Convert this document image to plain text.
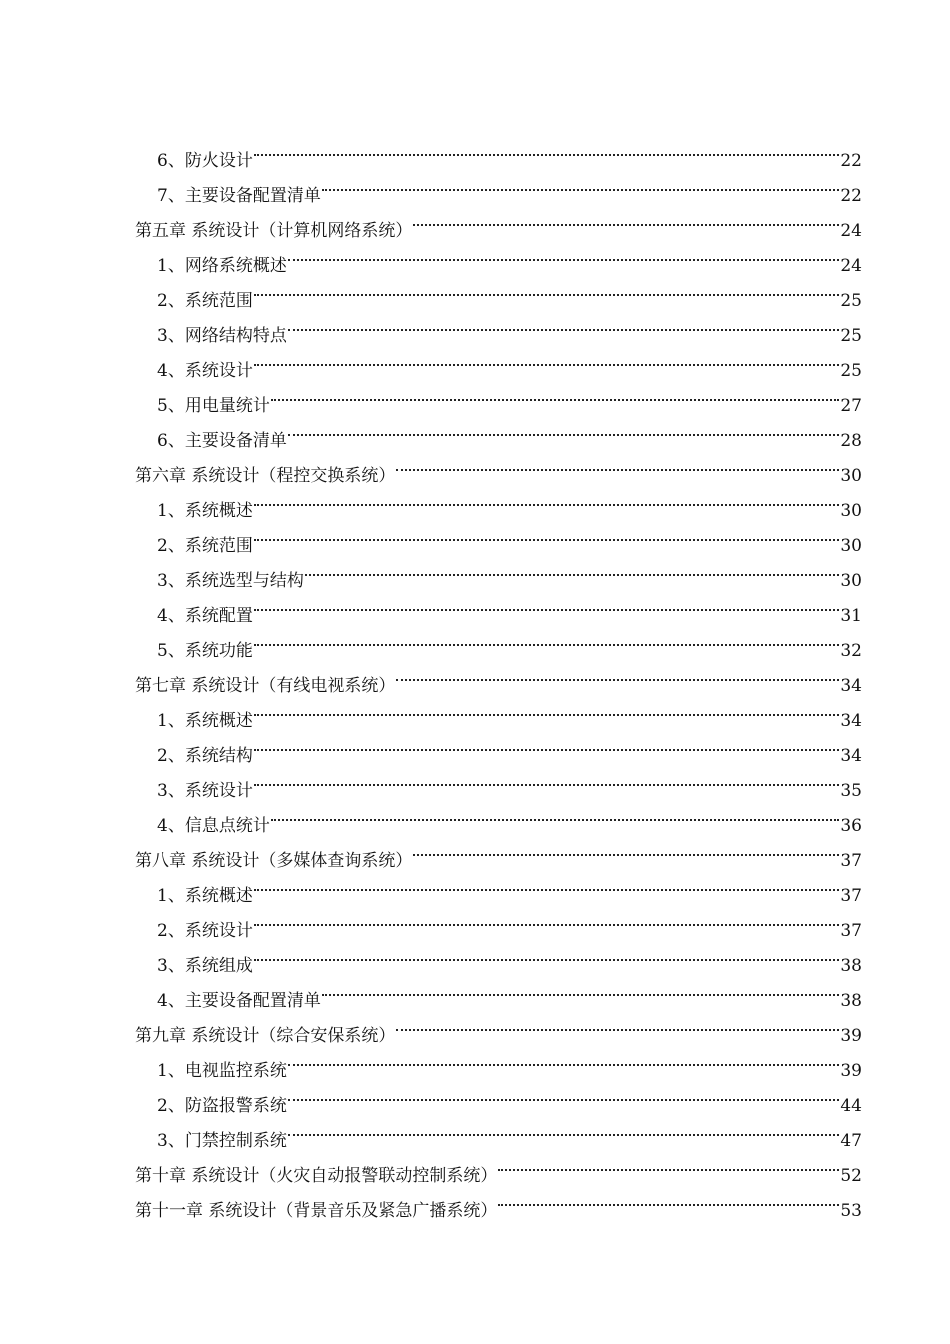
6、防火设计	22
7、主要设备配置清单	22
第五章 系统设计（计算机网络系统）	24
1、网络系统概述	24
2、系统范围	25
3、网络结构特点	25
4、系统设计	25
5、用电量统计	27
6、主要设备清单	28
第六章 系统设计（程控交换系统）	30
1、系统概述	30
2、系统范围	30
3、系统选型与结构	30
4、系统配置	31
5、系统功能	32
第七章 系统设计（有线电视系统）	34
1、系统概述	34
2、系统结构	34
3、系统设计	35
4、信息点统计	36
第八章 系统设计（多媒体查询系统）	37
1、系统概述	37
2、系统设计	37
3、系统组成	38
4、主要设备配置清单	38
第九章 系统设计（综合安保系统）	39
1、电视监控系统	39
2、防盗报警系统	44
3、门禁控制系统	47
第十章 系统设计（火灾自动报警联动控制系统）	52
第十一章 系统设计（背景音乐及紧急广播系统）	53
